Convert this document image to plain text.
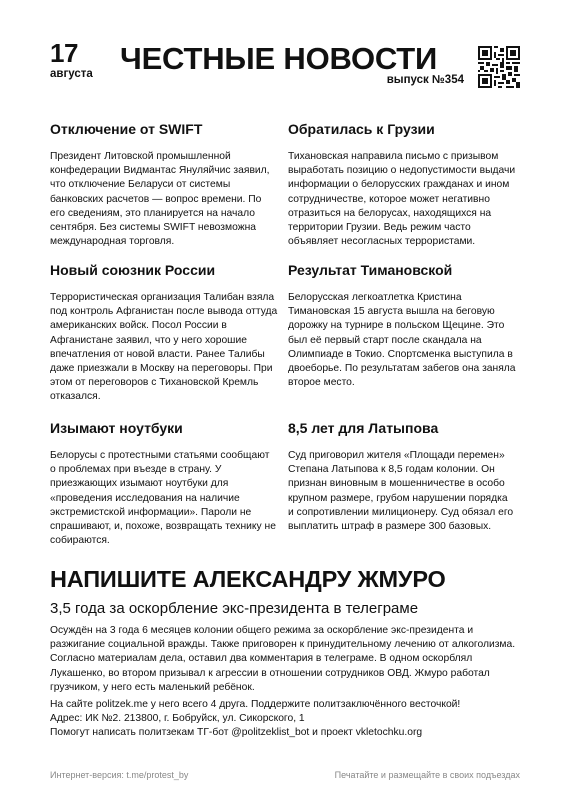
17
августа ЧЕСТНЫЕ НОВОСТИ
выпуск №354
Отключение от SWIFT

Президент Литовской промышленной конфедерации Видмантас Януляйчис заявил, что отключение Беларуси от системы банковских расчетов — вопрос времени. По его сведениям, это планируется на начало сентября. Без системы SWIFT невозможна международная торговля.

Новый союзник России

Террористическая организация Талибан взяла под контроль Афганистан после вывода оттуда американских войск. Посол России в Афганистане заявил, что у него хорошие впечатления от новой власти. Ранее Талибы даже приезжали в Москву на переговоры. При этом от переговоров с Тихановской Кремль отказался.

Изымают ноутбуки

Белорусы с протестными статьями сообщают о проблемах при въезде в страну. У приезжающих изымают ноутбуки для «проведения исследования на наличие экстремистской информации». Пароли не спрашивают, и, похоже, возвращать технику не собираются.

Обратилась к Грузии

Тихановская направила письмо с призывом выработать позицию о недопустимости выдачи информации о белорусских гражданах и ином сотрудничестве, которое может негативно отразиться на белорусах, находящихся на территории Грузии. Ведь режим часто объявляет несогласных террористами.

Результат Тимановской

Белорусская легкоатлетка Кристина Тимановская 15 августа вышла на беговую дорожку на турнире в польском Щецине. Это был её первый старт после скандала на Олимпиаде в Токио. Спортсменка выступила в двоеборье. По результатам забегов она заняла второе место.

8,5 лет для Латыпова

Суд приговорил жителя «Площади перемен» Степана Латыпова к 8,5 годам колонии. Он признан виновным в мошенничестве в особо крупном размере, грубом нарушении порядка и сопротивлении милиционеру. Суд обязал его выплатить штраф в размере 300 базовых.

НАПИШИТЕ АЛЕКСАНДРУ ЖМУРО
3,5 года за оскорбление экс-президента в телеграме

Осуждён на 3 года 6 месяцев колонии общего режима за оскорбление экс-президента и разжигание социальной вражды. Также приговорен к принудительному лечению от алкоголизма. Согласно материалам дела, оставил два комментария в телеграме. В одном оскорблял Лукашенко, во втором призывал к агрессии в отношении сотрудников ОВД. Жмуро работал грузчиком, у него есть маленький ребёнок.

На сайте politzek.me у него всего 4 друга. Поддержите политзаключённого весточкой!
Адрес: ИК №2. 213800, г. Бобруйск, ул. Сикорского, 1
Помогут написать политзекам ТГ-бот @politzeklist_bot и проект vkletochku.org
Интернет-версия: t.me/protest_by	Печатайте и размещайте в своих подъездах
